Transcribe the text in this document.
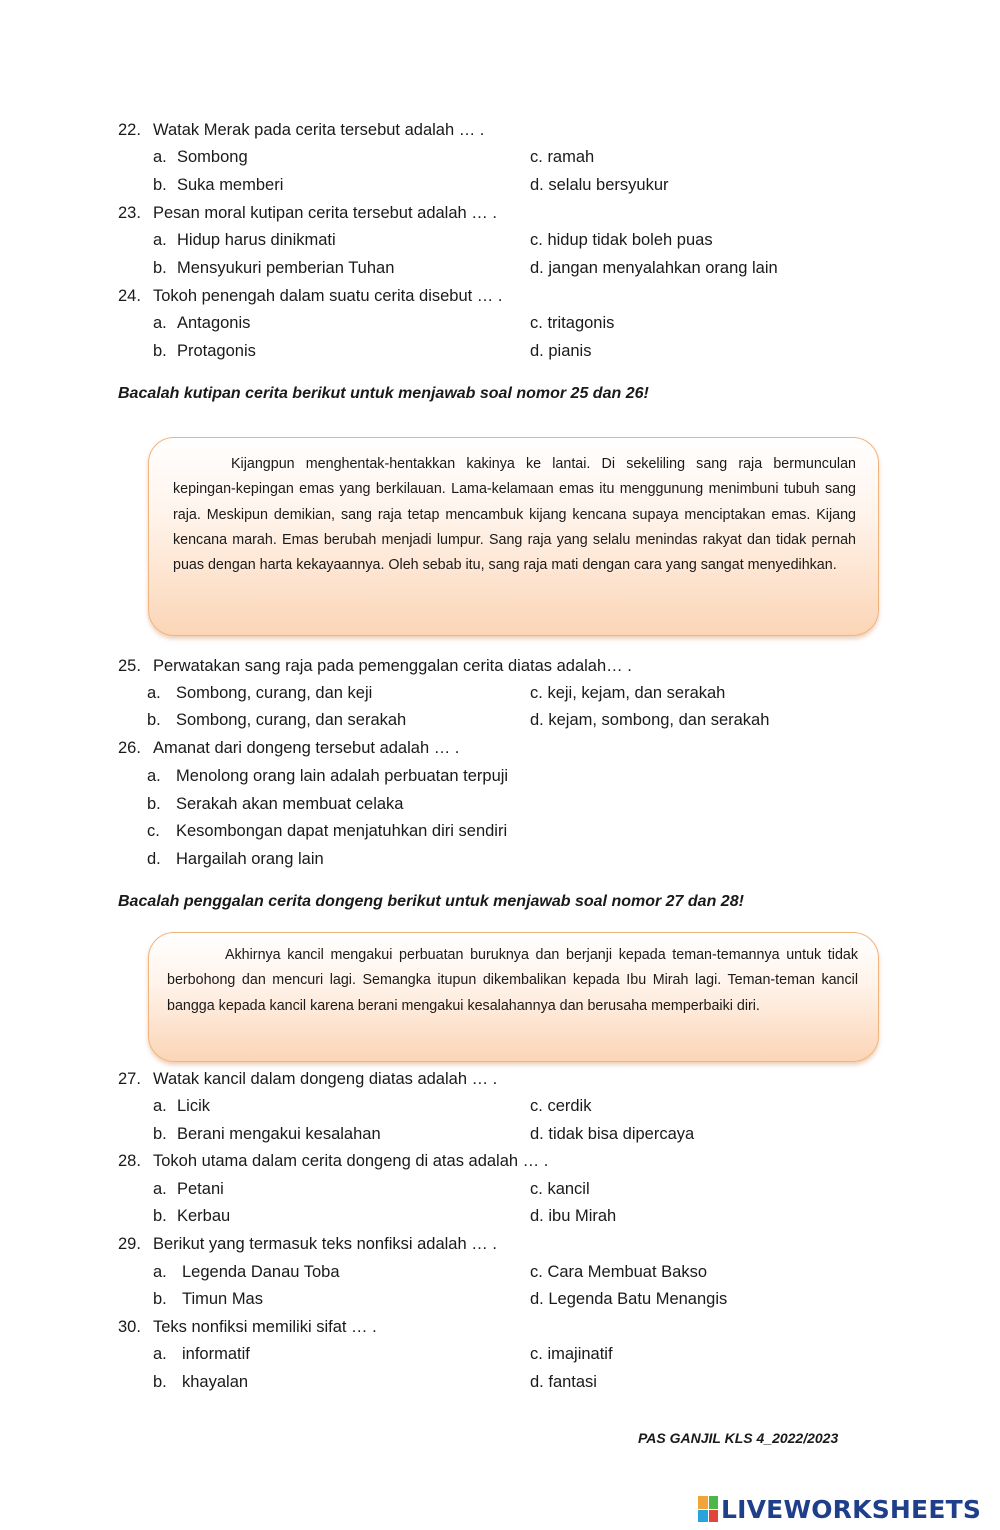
22. Watak Merak pada cerita tersebut adalah … .
a. Sombong	c. ramah
b. Suka memberi	d. selalu bersyukur
23. Pesan moral kutipan cerita tersebut adalah … .
a. Hidup harus dinikmati	c. hidup tidak boleh puas
b. Mensyukuri pemberian Tuhan	d. jangan menyalahkan orang lain
24. Tokoh penengah dalam suatu cerita disebut … .
a. Antagonis	c. tritagonis
b. Protagonis	d. pianis
Bacalah kutipan cerita berikut untuk menjawab soal nomor 25 dan 26!

Kijangpun menghentak-hentakkan kakinya ke lantai. Di sekeliling sang raja bermunculan kepingan-kepingan emas yang berkilauan. Lama-kelamaan emas itu menggunung menimbuni tubuh sang raja. Meskipun demikian, sang raja tetap mencambuk kijang kencana supaya menciptakan emas. Kijang kencana marah. Emas berubah menjadi lumpur. Sang raja yang selalu menindas rakyat dan tidak pernah puas dengan harta kekayaannya. Oleh sebab itu, sang raja mati dengan cara yang sangat menyedihkan.

25. Perwatakan sang raja pada pemenggalan cerita diatas adalah… .
a. Sombong, curang, dan keji	c. keji, kejam, dan serakah
b. Sombong, curang, dan serakah	d. kejam, sombong, dan serakah
26. Amanat dari dongeng tersebut adalah … .
a. Menolong orang lain adalah perbuatan terpuji
b. Serakah akan membuat celaka
c. Kesombongan dapat menjatuhkan diri sendiri
d. Hargailah orang lain
Bacalah penggalan cerita dongeng berikut untuk menjawab soal nomor 27 dan 28!

Akhirnya kancil mengakui perbuatan buruknya dan berjanji kepada teman-temannya untuk tidak berbohong dan mencuri lagi. Semangka itupun dikembalikan kepada Ibu Mirah lagi. Teman-teman kancil bangga kepada kancil karena berani mengakui kesalahannya dan berusaha memperbaiki diri.

27. Watak kancil dalam dongeng diatas adalah … .
a. Licik	c. cerdik
b. Berani mengakui kesalahan	d. tidak bisa dipercaya
28. Tokoh utama dalam cerita dongeng di atas adalah … .
a. Petani	c. kancil
b. Kerbau	d. ibu Mirah
29. Berikut yang termasuk teks nonfiksi adalah … .
a. Legenda Danau Toba	c. Cara Membuat Bakso
b. Timun Mas	d. Legenda Batu Menangis
30. Teks nonfiksi memiliki sifat … .
a. informatif	c. imajinatif
b. khayalan	d. fantasi
PAS GANJIL KLS 4_2022/2023
LIVEWORKSHEETS
